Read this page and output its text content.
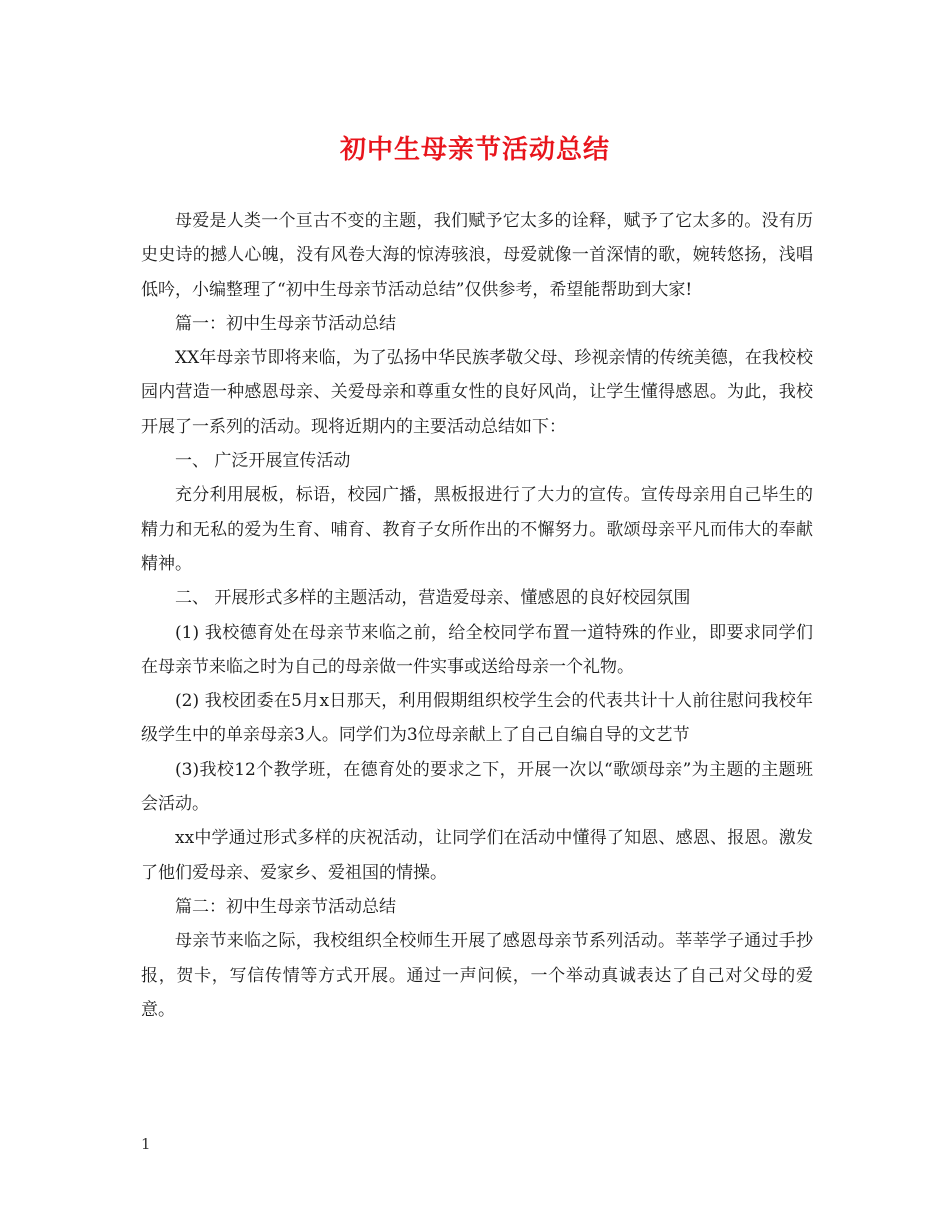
初中生母亲节活动总结

母爱是人类一个亘古不变的主题，我们赋予它太多的诠释，赋予了它太多的。没有历史史诗的撼人心魄，没有风卷大海的惊涛骇浪，母爱就像一首深情的歌，婉转悠扬，浅唱低吟，小编整理了“初中生母亲节活动总结”仅供参考，希望能帮助到大家!

篇一：初中生母亲节活动总结

XX年母亲节即将来临，为了弘扬中华民族孝敬父母、珍视亲情的传统美德，在我校校园内营造一种感恩母亲、关爱母亲和尊重女性的良好风尚，让学生懂得感恩。为此，我校开展了一系列的活动。现将近期内的主要活动总结如下：

一、 广泛开展宣传活动

充分利用展板，标语，校园广播，黑板报进行了大力的宣传。宣传母亲用自己毕生的精力和无私的爱为生育、哺育、教育子女所作出的不懈努力。歌颂母亲平凡而伟大的奉献精神。

二、 开展形式多样的主题活动，营造爱母亲、懂感恩的良好校园氛围

(1) 我校德育处在母亲节来临之前，给全校同学布置一道特殊的作业，即要求同学们在母亲节来临之时为自己的母亲做一件实事或送给母亲一个礼物。

(2) 我校团委在5月x日那天，利用假期组织校学生会的代表共计十人前往慰问我校年级学生中的单亲母亲3人。同学们为3位母亲献上了自己自编自导的文艺节

(3)我校12个教学班，在德育处的要求之下，开展一次以“歌颂母亲”为主题的主题班会活动。

xx中学通过形式多样的庆祝活动，让同学们在活动中懂得了知恩、感恩、报恩。激发了他们爱母亲、爱家乡、爱祖国的情操。

篇二：初中生母亲节活动总结

母亲节来临之际，我校组织全校师生开展了感恩母亲节系列活动。莘莘学子通过手抄报，贺卡，写信传情等方式开展。通过一声问候，一个举动真诚表达了自己对父母的爱意。

1
